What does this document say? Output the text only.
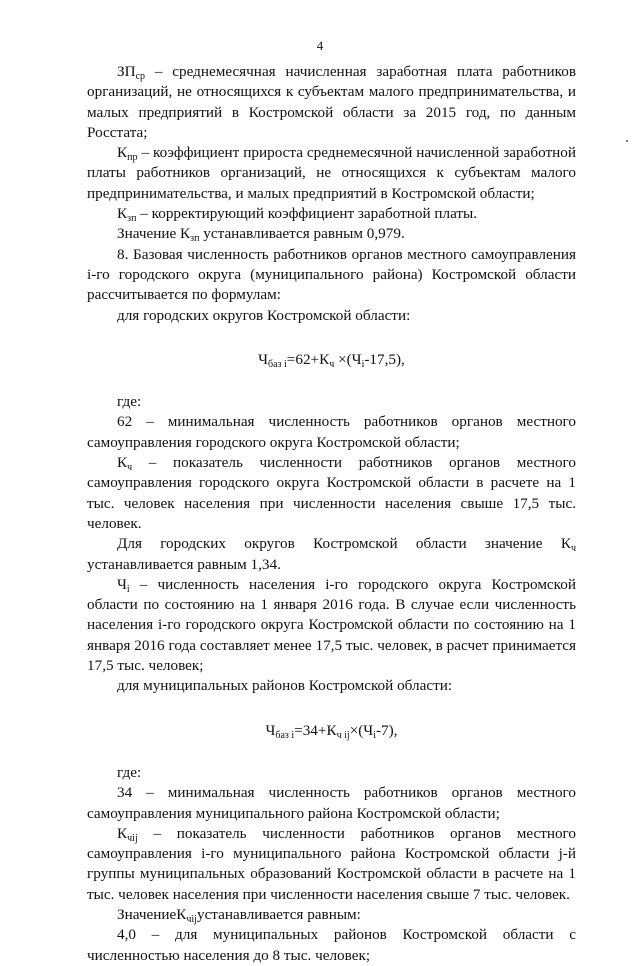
4

$ЗП_{ср}$ – среднемесячная начисленная заработная плата работников организаций, не относящихся к субъектам малого предпринимательства, и малых предприятий в Костромской области за 2015 год, по данным Росстата;

$К_{пр}$ – коэффициент прироста среднемесячной начисленной заработной платы работников организаций, не относящихся к субъектам малого предпринимательства, и малых предприятий в Костромской области;

$К_{зп}$ – корректирующий коэффициент заработной платы.

Значение $К_{зп}$ устанавливается равным 0,979.

8. Базовая численность работников органов местного самоуправления i-го городского округа (муниципального района) Костромской области рассчитывается по формулам:

для городских округов Костромской области:

$Ч_{баз i}=62+К_ч \times(Ч_i-17,5)$,

где:

62 – минимальная численность работников органов местного самоуправления городского округа Костромской области;

$К_ч$ – показатель численности работников органов местного самоуправления городского округа Костромской области в расчете на 1 тыс. человек населения при численности населения свыше 17,5 тыс. человек.

Для городских округов Костромской области значение $К_ч$ устанавливается равным 1,34.

$Ч_i$ – численность населения i-го городского округа Костромской области по состоянию на 1 января 2016 года. В случае если численность населения i-го городского округа Костромской области по состоянию на 1 января 2016 года составляет менее 17,5 тыс. человек, в расчет принимается 17,5 тыс. человек;

для муниципальных районов Костромской области:

$Ч_{баз i}=34+К_{ч ij}\times(Ч_i-7)$,

где:

34 – минимальная численность работников органов местного самоуправления муниципального района Костромской области;

$К_{чij}$ – показатель численности работников органов местного самоуправления i-го муниципального района Костромской области j-й группы муниципальных образований Костромской области в расчете на 1 тыс. человек населения при численности населения свыше 7 тыс. человек.

ЗначениеК$_{чij}$устанавливается равным:

4,0 – для муниципальных районов Костромской области с численностью населения до 8 тыс. человек;
